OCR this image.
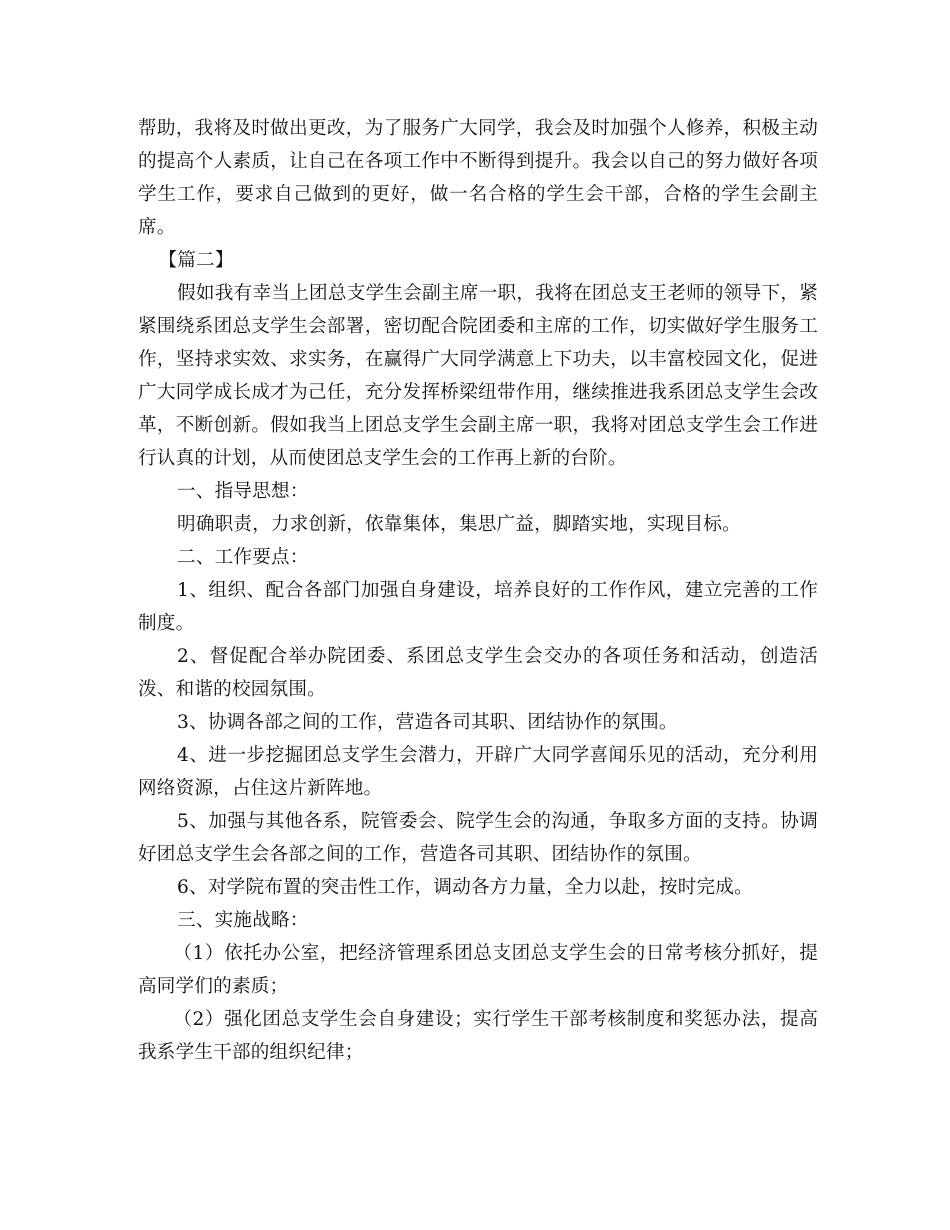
帮助，我将及时做出更改，为了服务广大同学，我会及时加强个人修养，积极主动的提高个人素质，让自己在各项工作中不断得到提升。我会以自己的努力做好各项学生工作，要求自己做到的更好，做一名合格的学生会干部，合格的学生会副主席。

【篇二】

假如我有幸当上团总支学生会副主席一职，我将在团总支王老师的领导下，紧紧围绕系团总支学生会部署，密切配合院团委和主席的工作，切实做好学生服务工作，坚持求实效、求实务，在赢得广大同学满意上下功夫，以丰富校园文化，促进广大同学成长成才为己任，充分发挥桥梁纽带作用，继续推进我系团总支学生会改革，不断创新。假如我当上团总支学生会副主席一职，我将对团总支学生会工作进行认真的计划，从而使团总支学生会的工作再上新的台阶。

一、指导思想：

明确职责，力求创新，依靠集体，集思广益，脚踏实地，实现目标。

二、工作要点：

1、组织、配合各部门加强自身建设，培养良好的工作作风，建立完善的工作制度。

2、督促配合举办院团委、系团总支学生会交办的各项任务和活动，创造活泼、和谐的校园氛围。

3、协调各部之间的工作，营造各司其职、团结协作的氛围。

4、进一步挖掘团总支学生会潜力，开辟广大同学喜闻乐见的活动，充分利用网络资源，占住这片新阵地。

5、加强与其他各系，院管委会、院学生会的沟通，争取多方面的支持。协调好团总支学生会各部之间的工作，营造各司其职、团结协作的氛围。

6、对学院布置的突击性工作，调动各方力量，全力以赴，按时完成。

三、实施战略：

（1）依托办公室，把经济管理系团总支团总支学生会的日常考核分抓好，提高同学们的素质；

（2）强化团总支学生会自身建设；实行学生干部考核制度和奖惩办法，提高我系学生干部的组织纪律；
